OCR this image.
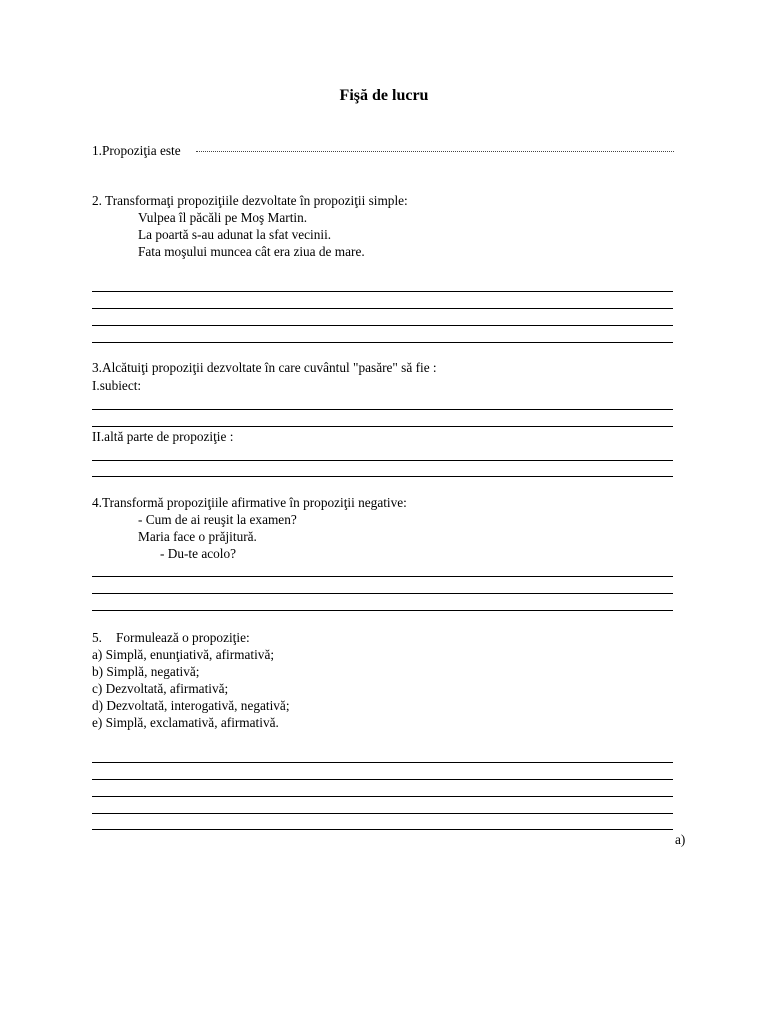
Fişă de lucru
1.Propoziţia este
2. Transformaţi propoziţiile dezvoltate în propoziţii simple:
Vulpea îl păcăli pe Moş Martin.
La poartă s-au adunat la sfat vecinii.
Fata moşului muncea cât era ziua de mare.
3.Alcătuiţi propoziţii dezvoltate în care cuvântul "pasăre" să fie :
I.subiect:
II.altă parte de propoziţie :
4.Transformă propoziţiile afirmative în propoziţii negative:
- Cum de ai reuşit la examen?
Maria face o prăjitură.
- Du-te acolo?
5. Formulează o propoziţie:
a) Simplă, enunţiativă, afirmativă;
b) Simplă, negativă;
c) Dezvoltată, afirmativă;
d) Dezvoltată, interogativă, negativă;
e) Simplă, exclamativă, afirmativă.
a)
